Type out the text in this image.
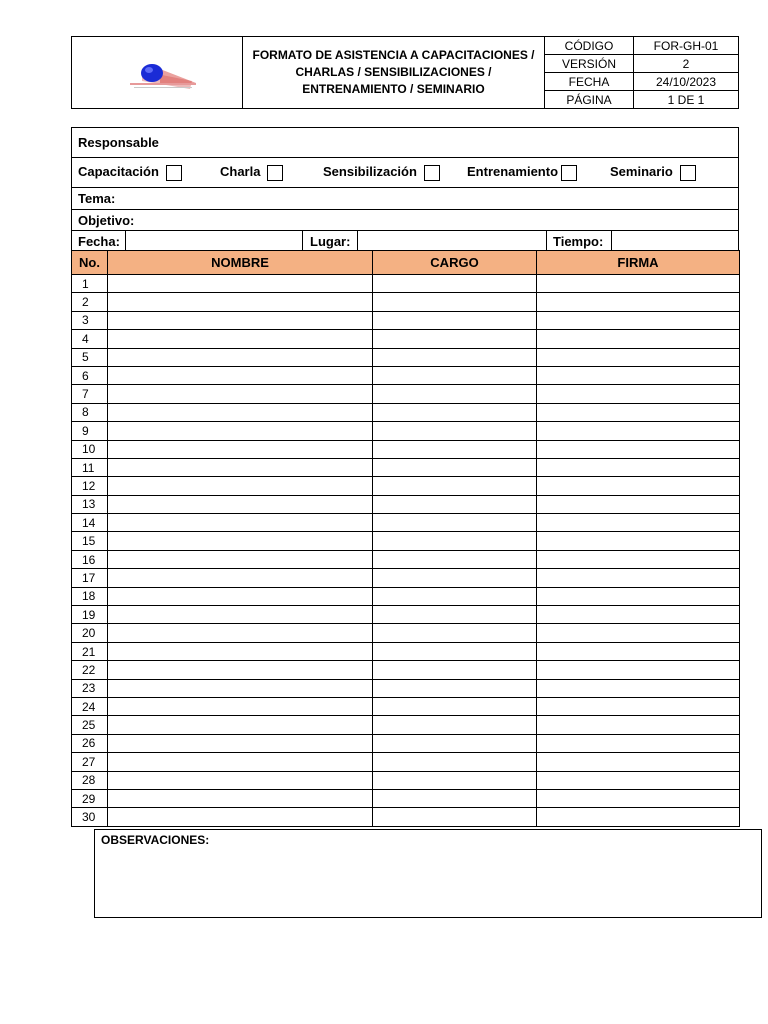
FORMATO DE ASISTENCIA A CAPACITACIONES /
CHARLAS / SENSIBILIZACIONES /
ENTRENAMIENTO / SEMINARIO
CÓDIGO	FOR-GH-01
VERSIÓN	2
FECHA	24/10/2023
PÁGINA	1 DE 1
Responsable
Capacitación	Charla	Sensibilización	Entrenamiento	Seminario
Tema:
Objetivo:
Fecha:	Lugar:	Tiempo:
No.	NOMBRE	CARGO	FIRMA
1			
2			
3			
4			
5			
6			
7			
8			
9			
10			
11			
12			
13			
14			
15			
16			
17			
18			
19			
20			
21			
22			
23			
24			
25			
26			
27			
28			
29			
30			
OBSERVACIONES:
